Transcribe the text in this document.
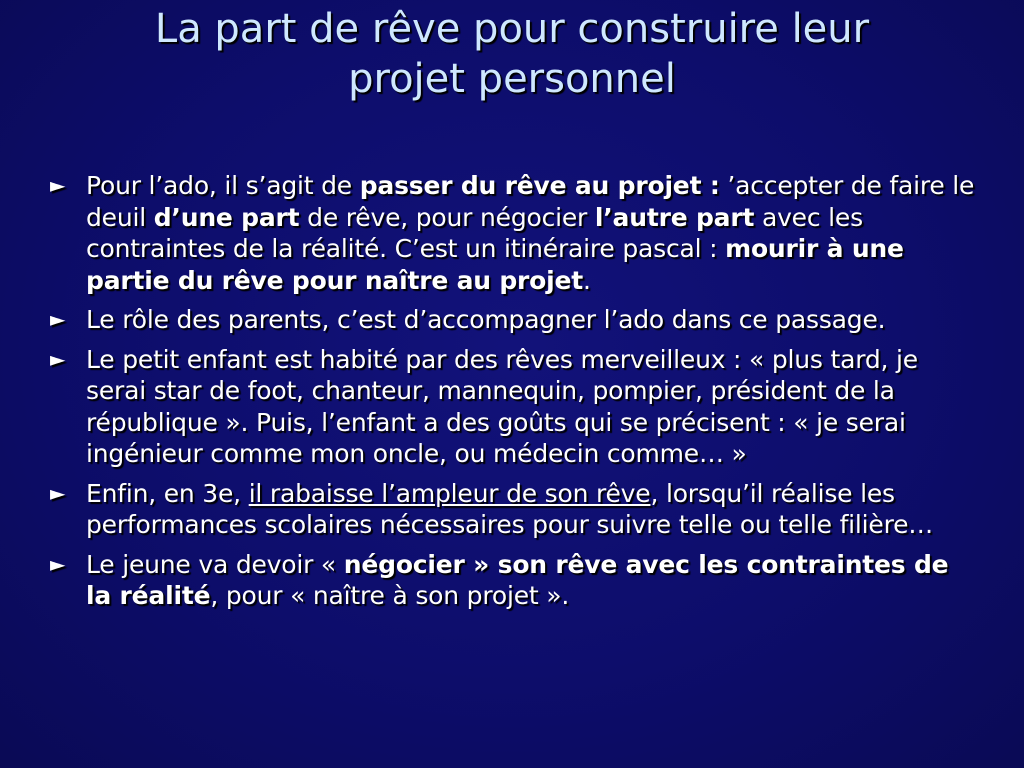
La part de rêve pour construire leur
projet personnel
► Pour l’ado, il s’agit de passer du rêve au projet : ’accepter de faire le deuil d’une part de rêve, pour négocier l’autre part avec les contraintes de la réalité. C’est un itinéraire pascal : mourir à une partie du rêve pour naître au projet.
► Le rôle des parents, c’est d’accompagner l’ado dans ce passage.
► Le petit enfant est habité par des rêves merveilleux : « plus tard, je serai star de foot, chanteur, mannequin, pompier, président de la république ». Puis, l’enfant a des goûts qui se précisent : « je serai ingénieur comme mon oncle, ou médecin comme… »
► Enfin, en 3e, il rabaisse l’ampleur de son rêve, lorsqu’il réalise les performances scolaires nécessaires pour suivre telle ou telle filière…
► Le jeune va devoir « négocier » son rêve avec les contraintes de la réalité, pour « naître à son projet ».
